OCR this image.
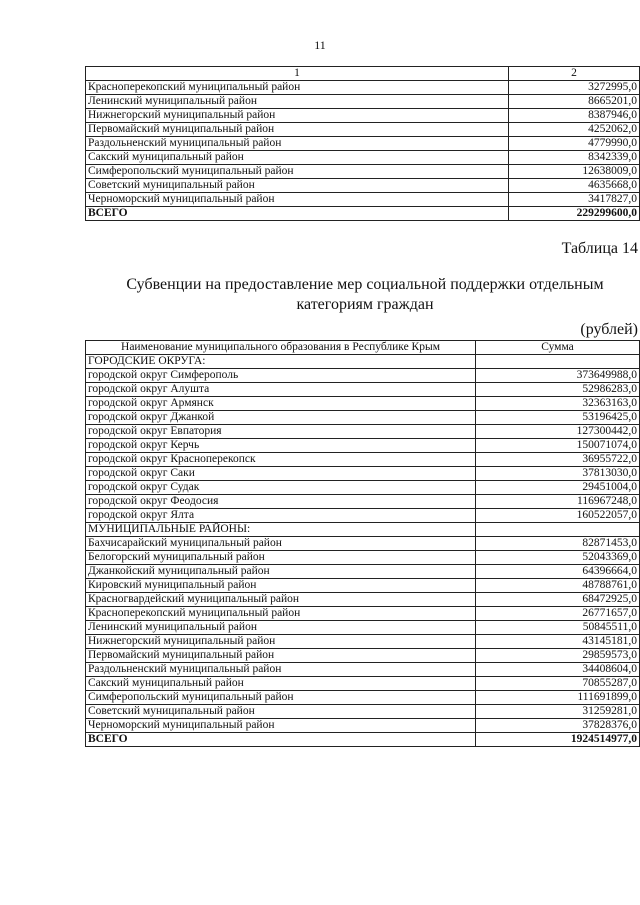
11
1	2
Красноперекопский муниципальный район	3272995,0
Ленинский муниципальный район	8665201,0
Нижнегорский муниципальный район	8387946,0
Первомайский муниципальный район	4252062,0
Раздольненский муниципальный район	4779990,0
Сакский муниципальный район	8342339,0
Симферопольский муниципальный район	12638009,0
Советский муниципальный район	4635668,0
Черноморский муниципальный район	3417827,0
ВСЕГО	229299600,0
Таблица 14
Субвенции на предоставление мер социальной поддержки отдельным категориям граждан
(рублей)
Наименование муниципального образования в Республике Крым	Сумма
ГОРОДСКИЕ ОКРУГА:	
городской округ Симферополь	373649988,0
городской округ Алушта	52986283,0
городской округ Армянск	32363163,0
городской округ Джанкой	53196425,0
городской округ Евпатория	127300442,0
городской округ Керчь	150071074,0
городской округ Красноперекопск	36955722,0
городской округ Саки	37813030,0
городской округ Судак	29451004,0
городской округ Феодосия	116967248,0
городской округ Ялта	160522057,0
МУНИЦИПАЛЬНЫЕ РАЙОНЫ:	
Бахчисарайский муниципальный район	82871453,0
Белогорский муниципальный район	52043369,0
Джанкойский муниципальный район	64396664,0
Кировский муниципальный район	48788761,0
Красногвардейский муниципальный район	68472925,0
Красноперекопский муниципальный район	26771657,0
Ленинский муниципальный район	50845511,0
Нижнегорский муниципальный район	43145181,0
Первомайский муниципальный район	29859573,0
Раздольненский муниципальный район	34408604,0
Сакский муниципальный район	70855287,0
Симферопольский муниципальный район	111691899,0
Советский муниципальный район	31259281,0
Черноморский муниципальный район	37828376,0
ВСЕГО	1924514977,0
